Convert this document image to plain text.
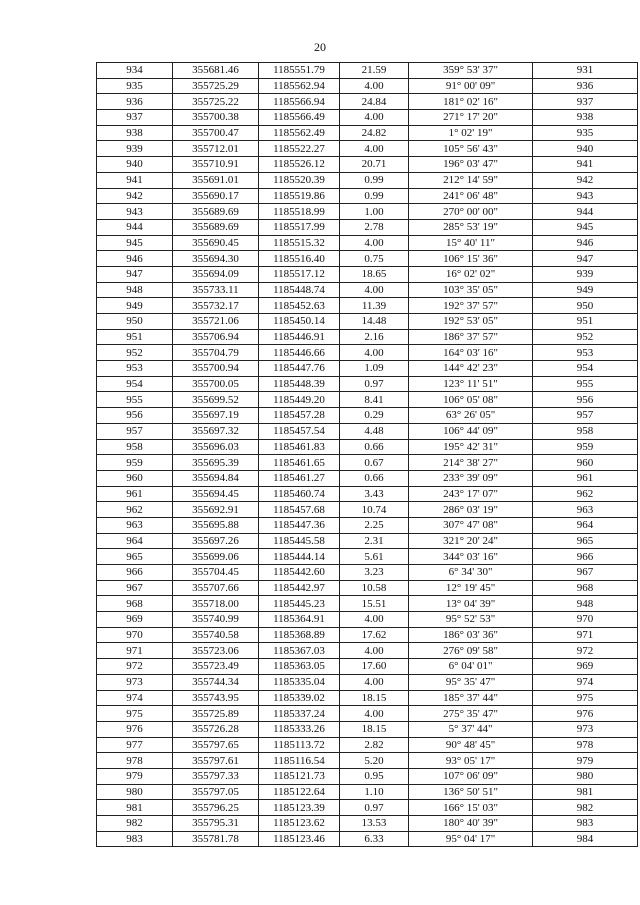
20
934	355681.46	1185551.79	21.59	359° 53' 37"	931
935	355725.29	1185562.94	4.00	91° 00' 09"	936
936	355725.22	1185566.94	24.84	181° 02' 16"	937
937	355700.38	1185566.49	4.00	271° 17' 20"	938
938	355700.47	1185562.49	24.82	1° 02' 19"	935
939	355712.01	1185522.27	4.00	105° 56' 43"	940
940	355710.91	1185526.12	20.71	196° 03' 47"	941
941	355691.01	1185520.39	0.99	212° 14' 59"	942
942	355690.17	1185519.86	0.99	241° 06' 48"	943
943	355689.69	1185518.99	1.00	270° 00' 00"	944
944	355689.69	1185517.99	2.78	285° 53' 19"	945
945	355690.45	1185515.32	4.00	15° 40' 11"	946
946	355694.30	1185516.40	0.75	106° 15' 36"	947
947	355694.09	1185517.12	18.65	16° 02' 02"	939
948	355733.11	1185448.74	4.00	103° 35' 05"	949
949	355732.17	1185452.63	11.39	192° 37' 57"	950
950	355721.06	1185450.14	14.48	192° 53' 05"	951
951	355706.94	1185446.91	2.16	186° 37' 57"	952
952	355704.79	1185446.66	4.00	164° 03' 16"	953
953	355700.94	1185447.76	1.09	144° 42' 23"	954
954	355700.05	1185448.39	0.97	123° 11' 51"	955
955	355699.52	1185449.20	8.41	106° 05' 08"	956
956	355697.19	1185457.28	0.29	63° 26' 05"	957
957	355697.32	1185457.54	4.48	106° 44' 09"	958
958	355696.03	1185461.83	0.66	195° 42' 31"	959
959	355695.39	1185461.65	0.67	214° 38' 27"	960
960	355694.84	1185461.27	0.66	233° 39' 09"	961
961	355694.45	1185460.74	3.43	243° 17' 07"	962
962	355692.91	1185457.68	10.74	286° 03' 19"	963
963	355695.88	1185447.36	2.25	307° 47' 08"	964
964	355697.26	1185445.58	2.31	321° 20' 24"	965
965	355699.06	1185444.14	5.61	344° 03' 16"	966
966	355704.45	1185442.60	3.23	6° 34' 30"	967
967	355707.66	1185442.97	10.58	12° 19' 45"	968
968	355718.00	1185445.23	15.51	13° 04' 39"	948
969	355740.99	1185364.91	4.00	95° 52' 53"	970
970	355740.58	1185368.89	17.62	186° 03' 36"	971
971	355723.06	1185367.03	4.00	276° 09' 58"	972
972	355723.49	1185363.05	17.60	6° 04' 01"	969
973	355744.34	1185335.04	4.00	95° 35' 47"	974
974	355743.95	1185339.02	18.15	185° 37' 44"	975
975	355725.89	1185337.24	4.00	275° 35' 47"	976
976	355726.28	1185333.26	18.15	5° 37' 44"	973
977	355797.65	1185113.72	2.82	90° 48' 45"	978
978	355797.61	1185116.54	5.20	93° 05' 17"	979
979	355797.33	1185121.73	0.95	107° 06' 09"	980
980	355797.05	1185122.64	1.10	136° 50' 51"	981
981	355796.25	1185123.39	0.97	166° 15' 03"	982
982	355795.31	1185123.62	13.53	180° 40' 39"	983
983	355781.78	1185123.46	6.33	95° 04' 17"	984
